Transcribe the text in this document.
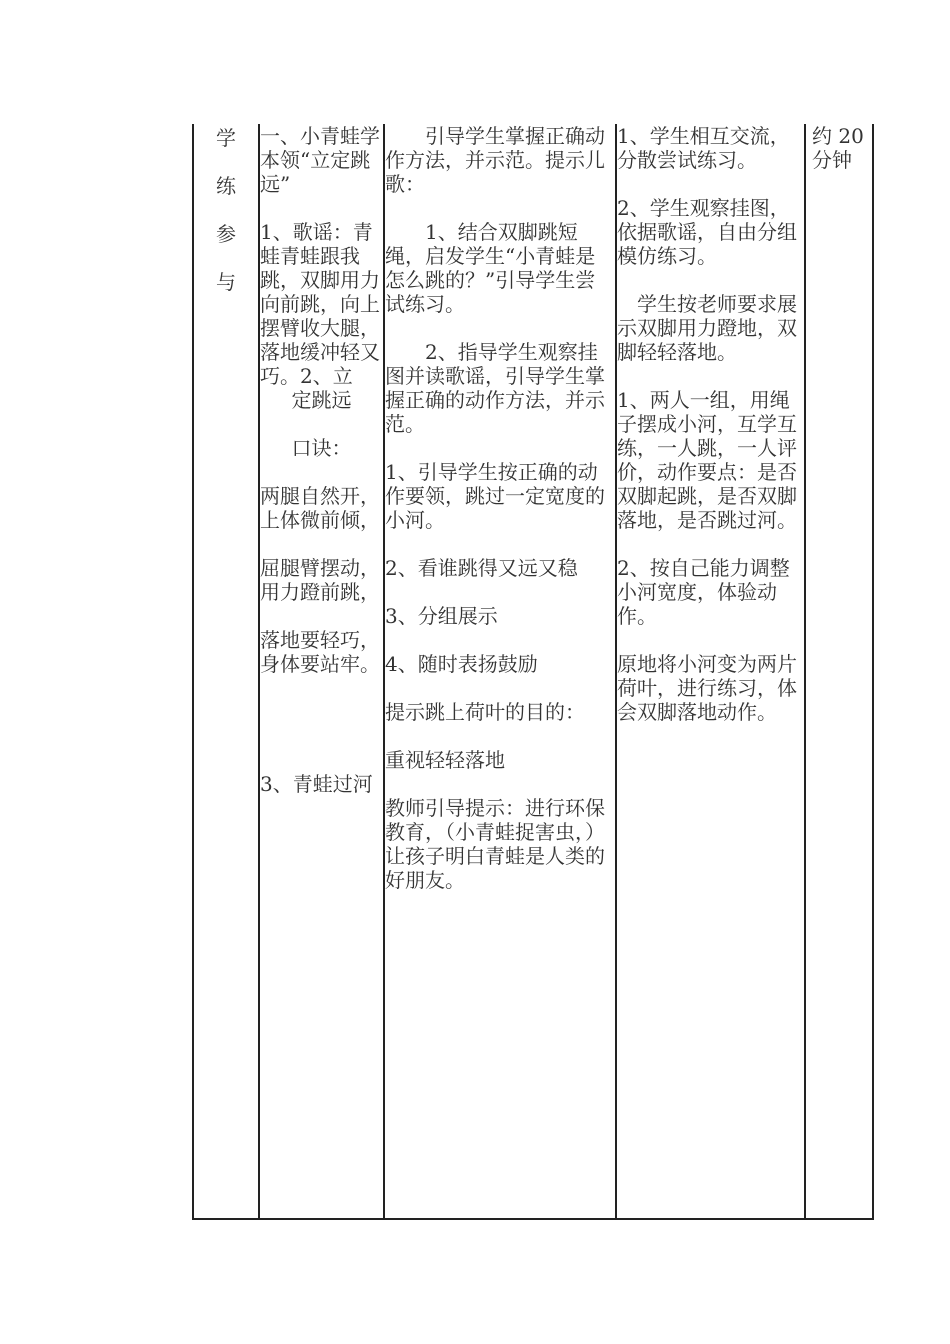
学
练
参
与

一、小青蛙学本领“立定跳远”

1、歌谣：青蛙青蛙跟我跳，双脚用力向前跳，向上摆臂收大腿，落地缓冲轻又巧。2、立

定跳远

口诀：

两腿自然开，上体微前倾，

屈腿臂摆动，用力蹬前跳，

落地要轻巧，身体要站牢。

3、青蛙过河

引导学生掌握正确动作方法，并示范。提示儿歌：

1、结合双脚跳短绳，启发学生“小青蛙是怎么跳的？”引导学生尝试练习。

2、指导学生观察挂图并读歌谣，引导学生掌握正确的动作方法，并示范。

1、引导学生按正确的动作要领，跳过一定宽度的小河。

2、看谁跳得又远又稳

3、分组展示

4、随时表扬鼓励

提示跳上荷叶的目的：

重视轻轻落地

教师引导提示：进行环保教育，（小青蛙捉害虫，）让孩子明白青蛙是人类的好朋友。

1、学生相互交流，分散尝试练习。

2、学生观察挂图，依据歌谣，自由分组模仿练习。

学生按老师要求展示双脚用力蹬地，双脚轻轻落地。

1、两人一组，用绳子摆成小河，互学互练，一人跳，一人评价，动作要点：是否双脚起跳，是否双脚落地，是否跳过河。

2、按自己能力调整小河宽度，体验动作。

原地将小河变为两片荷叶，进行练习，体会双脚落地动作。

约 20 分钟
